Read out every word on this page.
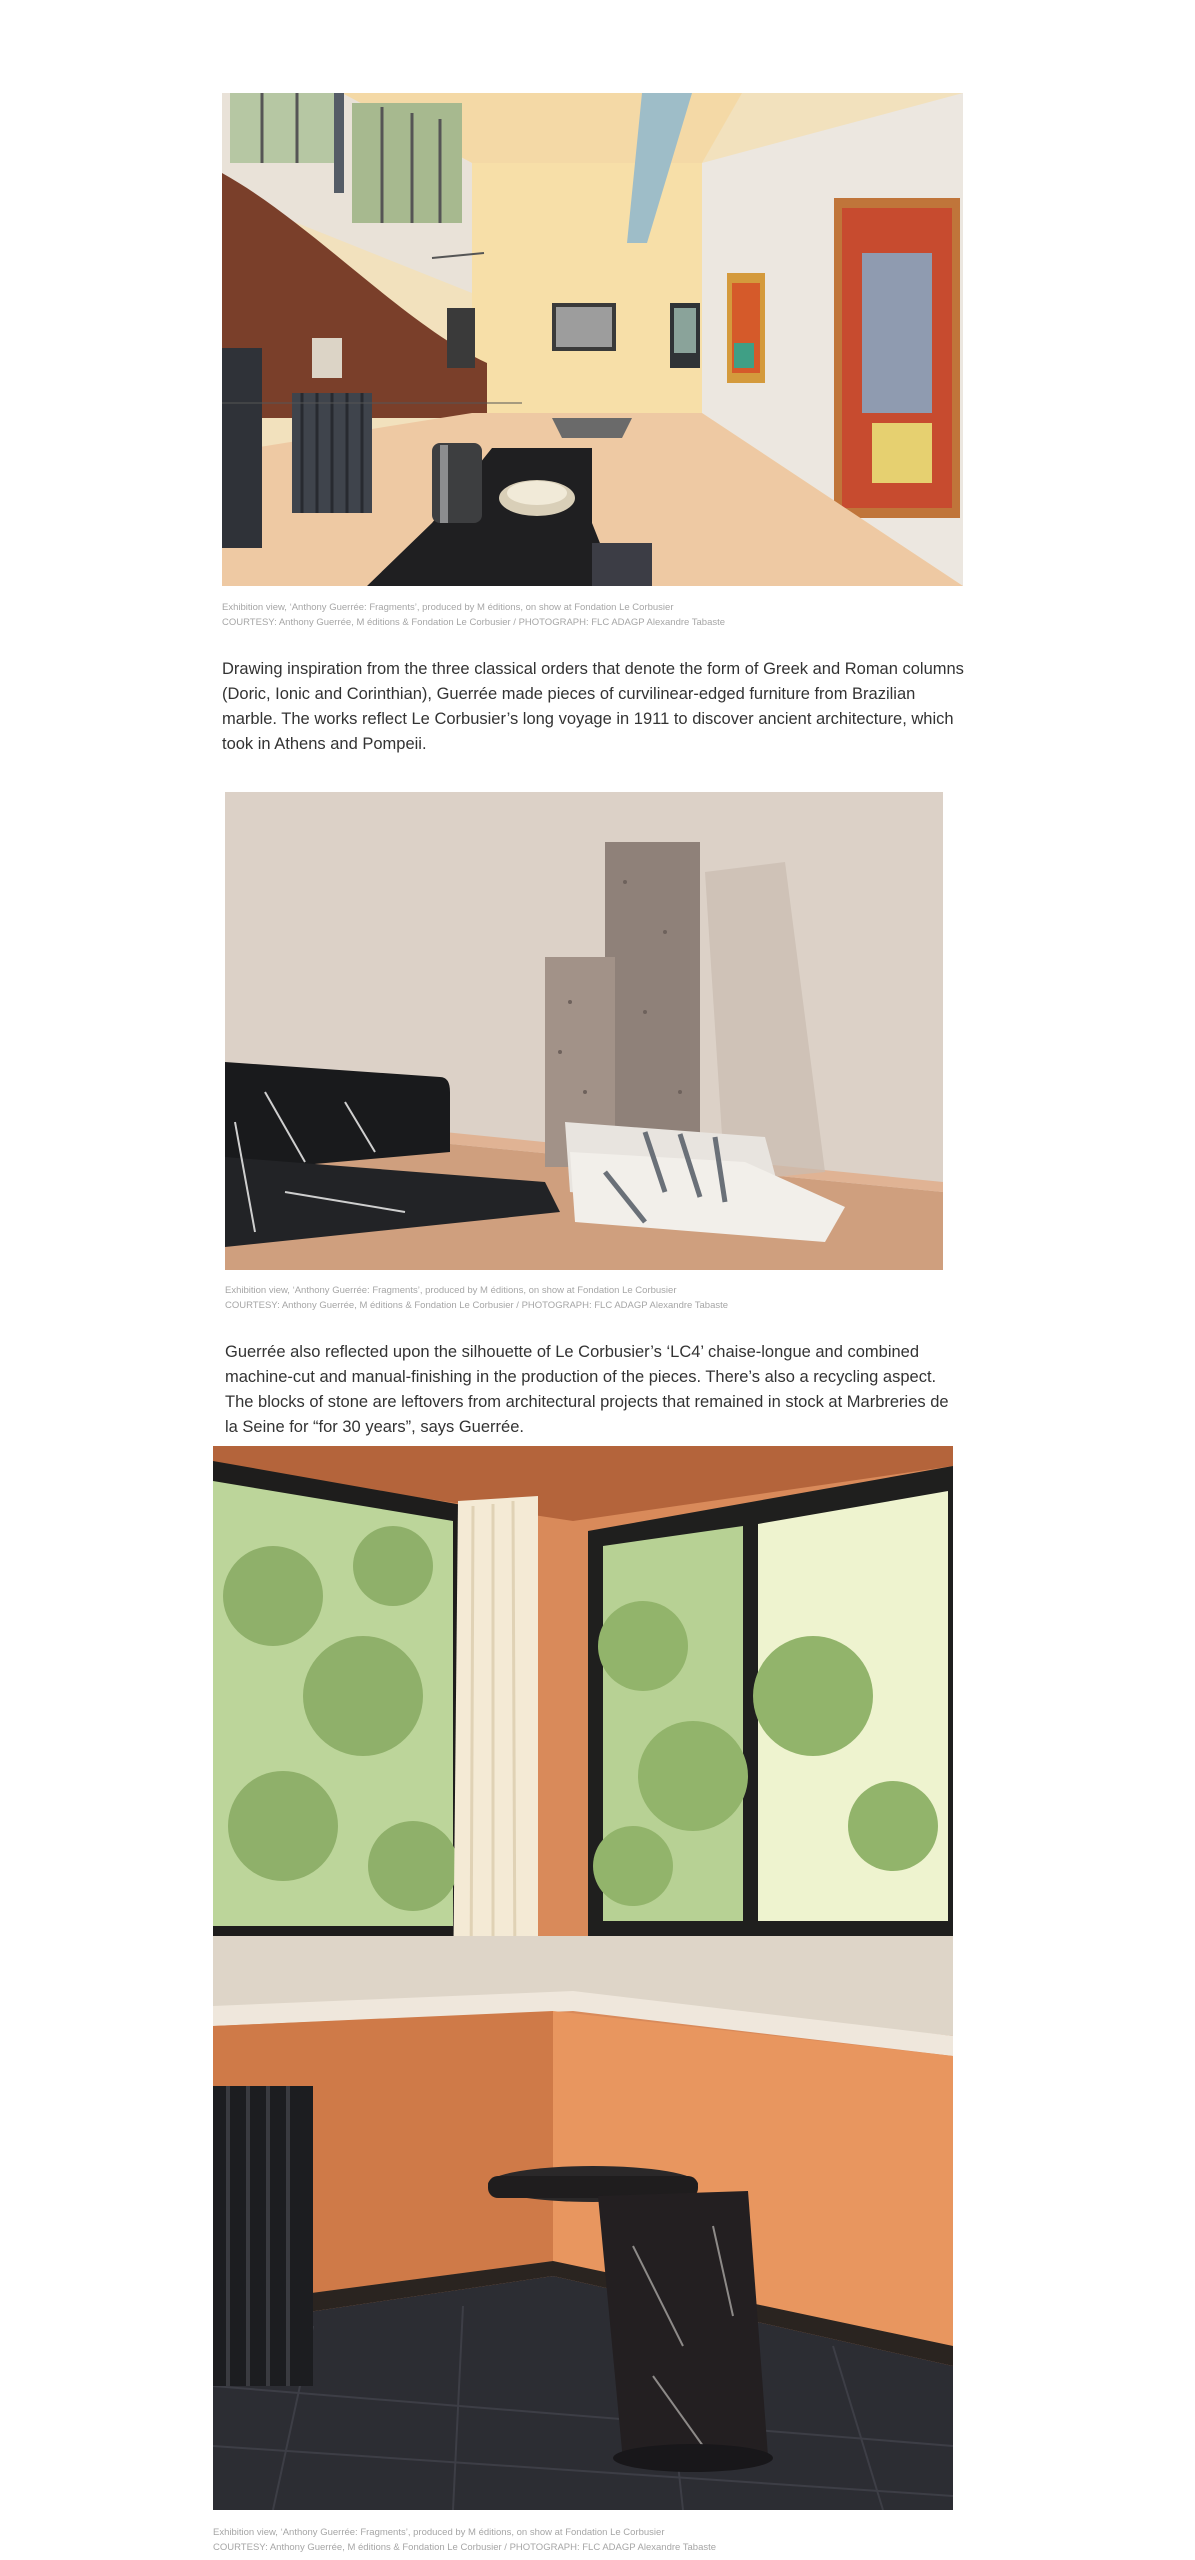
Exhibition view, ‘Anthony Guerrée: Fragments’, produced by M éditions, on show at Fondation Le Corbusier
COURTESY: Anthony Guerrée, M éditions & Fondation Le Corbusier / PHOTOGRAPH: FLC ADAGP Alexandre Tabaste

Drawing inspiration from the three classical orders that denote the form of Greek and Roman columns (Doric, Ionic and Corinthian), Guerrée made pieces of curvilinear-edged furniture from Brazilian marble. The works reflect Le Corbusier’s long voyage in 1911 to discover ancient architecture, which took in Athens and Pompeii.

Exhibition view, ‘Anthony Guerrée: Fragments’, produced by M éditions, on show at Fondation Le Corbusier
COURTESY: Anthony Guerrée, M éditions & Fondation Le Corbusier / PHOTOGRAPH: FLC ADAGP Alexandre Tabaste

Guerrée also reflected upon the silhouette of Le Corbusier’s ‘LC4’ chaise-longue and combined machine-cut and manual-finishing in the production of the pieces. There’s also a recycling aspect. The blocks of stone are leftovers from architectural projects that remained in stock at Marbreries de la Seine for “for 30 years”, says Guerrée.

Exhibition view, ‘Anthony Guerrée: Fragments’, produced by M éditions, on show at Fondation Le Corbusier
COURTESY: Anthony Guerrée, M éditions & Fondation Le Corbusier / PHOTOGRAPH: FLC ADAGP Alexandre Tabaste
